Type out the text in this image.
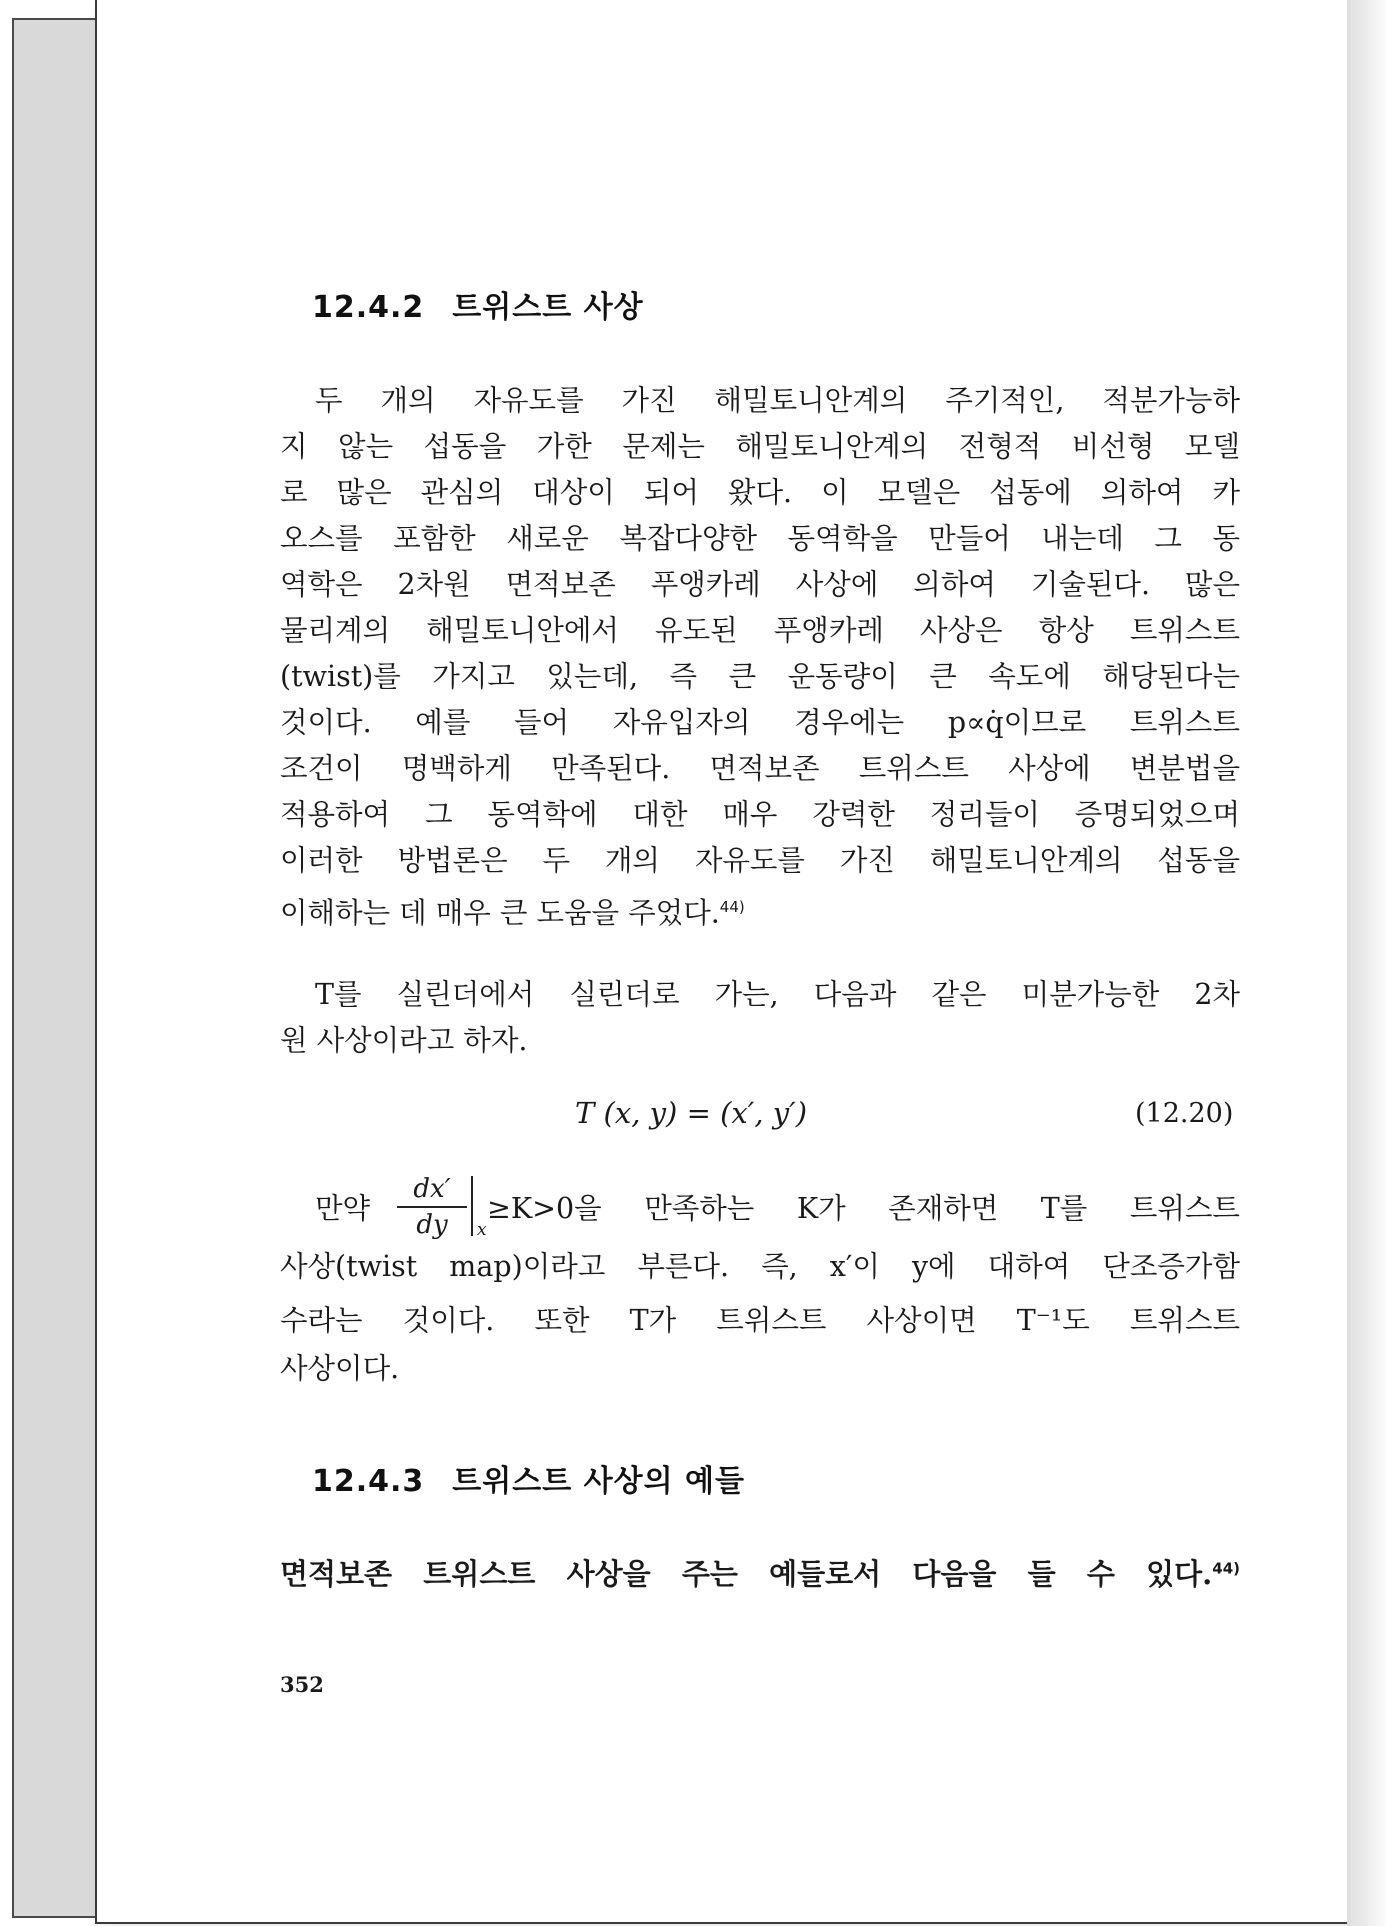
12.4.2 트위스트 사상
두 개의 자유도를 가진 해밀토니안계의 주기적인, 적분가능하
지 않는 섭동을 가한 문제는 해밀토니안계의 전형적 비선형 모델
로 많은 관심의 대상이 되어 왔다. 이 모델은 섭동에 의하여 카
오스를 포함한 새로운 복잡다양한 동역학을 만들어 내는데 그 동
역학은 2차원 면적보존 푸앵카레 사상에 의하여 기술된다. 많은
물리계의 해밀토니안에서 유도된 푸앵카레 사상은 항상 트위스트
(twist)를 가지고 있는데, 즉 큰 운동량이 큰 속도에 해당된다는
것이다. 예를 들어 자유입자의 경우에는 p∝q̇이므로 트위스트
조건이 명백하게 만족된다. 면적보존 트위스트 사상에 변분법을
적용하여 그 동역학에 대한 매우 강력한 정리들이 증명되었으며
이러한 방법론은 두 개의 자유도를 가진 해밀토니안계의 섭동을
이해하는 데 매우 큰 도움을 주었다.$^{44)}$
T를 실린더에서 실린더로 가는, 다음과 같은 미분가능한 2차
원 사상이라고 하자.
T (x, y) = (x′, y′)	(12.20)
만약 $\frac{dx'}{dy}$ x
≥K>0을 만족하는 K가 존재하면 T를 트위스트
사상(twist map)이라고 부른다. 즉, x′이 y에 대하여 단조증가함
수라는 것이다. 또한 T가 트위스트 사상이면 T⁻¹도 트위스트
사상이다.
12.4.3 트위스트 사상의 예들
면적보존 트위스트 사상을 주는 예들로서 다음을 들 수 있다.$^{44)}$
352
